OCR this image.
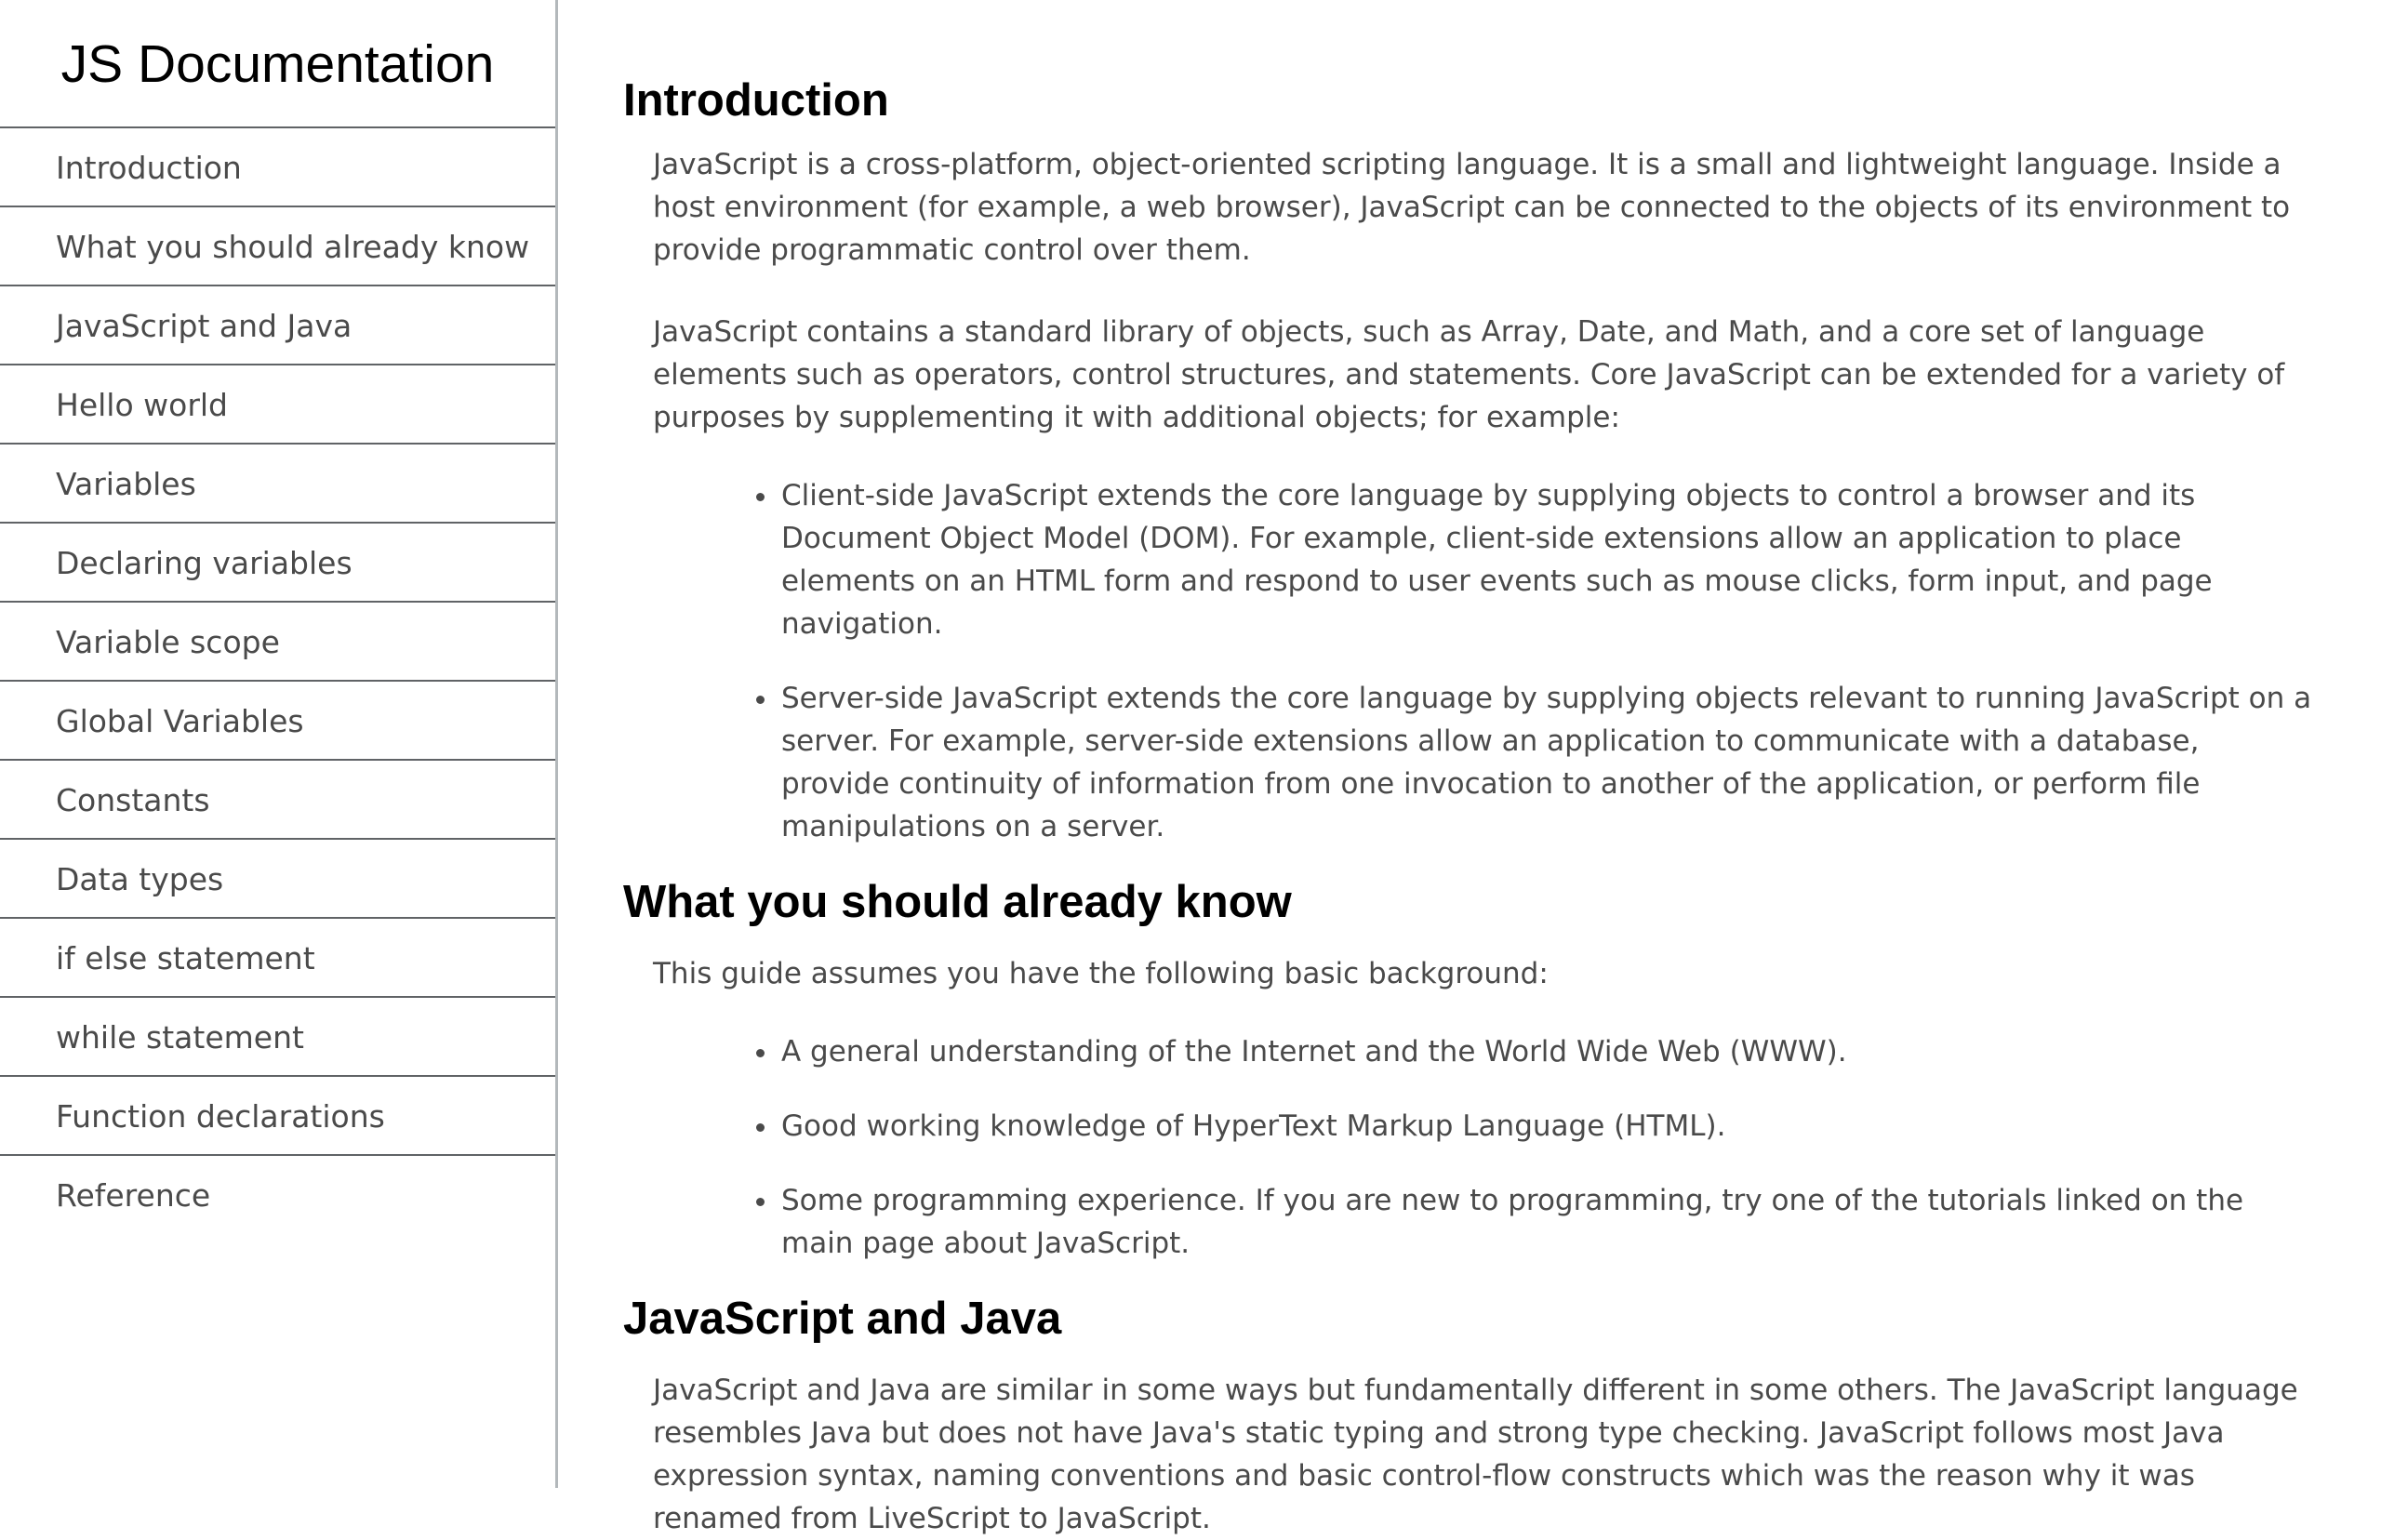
JS Documentation
Introduction
What you should already know
JavaScript and Java
Hello world
Variables
Declaring variables
Variable scope
Global Variables
Constants
Data types
if else statement
while statement
Function declarations
Reference
Introduction

JavaScript is a cross-platform, object-oriented scripting language. It is a small and lightweight language. Inside a host environment (for example, a web browser), JavaScript can be connected to the objects of its environment to provide programmatic control over them.

JavaScript contains a standard library of objects, such as Array, Date, and Math, and a core set of language elements such as operators, control structures, and statements. Core JavaScript can be extended for a variety of purposes by supplementing it with additional objects; for example:

• Client-side JavaScript extends the core language by supplying objects to control a browser and its Document Object Model (DOM). For example, client-side extensions allow an application to place elements on an HTML form and respond to user events such as mouse clicks, form input, and page navigation.
• Server-side JavaScript extends the core language by supplying objects relevant to running JavaScript on a server. For example, server-side extensions allow an application to communicate with a database, provide continuity of information from one invocation to another of the application, or perform file manipulations on a server.
What you should already know

This guide assumes you have the following basic background:

• A general understanding of the Internet and the World Wide Web (WWW).
• Good working knowledge of HyperText Markup Language (HTML).
• Some programming experience. If you are new to programming, try one of the tutorials linked on the main page about JavaScript.
JavaScript and Java

JavaScript and Java are similar in some ways but fundamentally different in some others. The JavaScript language resembles Java but does not have Java's static typing and strong type checking. JavaScript follows most Java expression syntax, naming conventions and basic control-flow constructs which was the reason why it was renamed from LiveScript to JavaScript.
